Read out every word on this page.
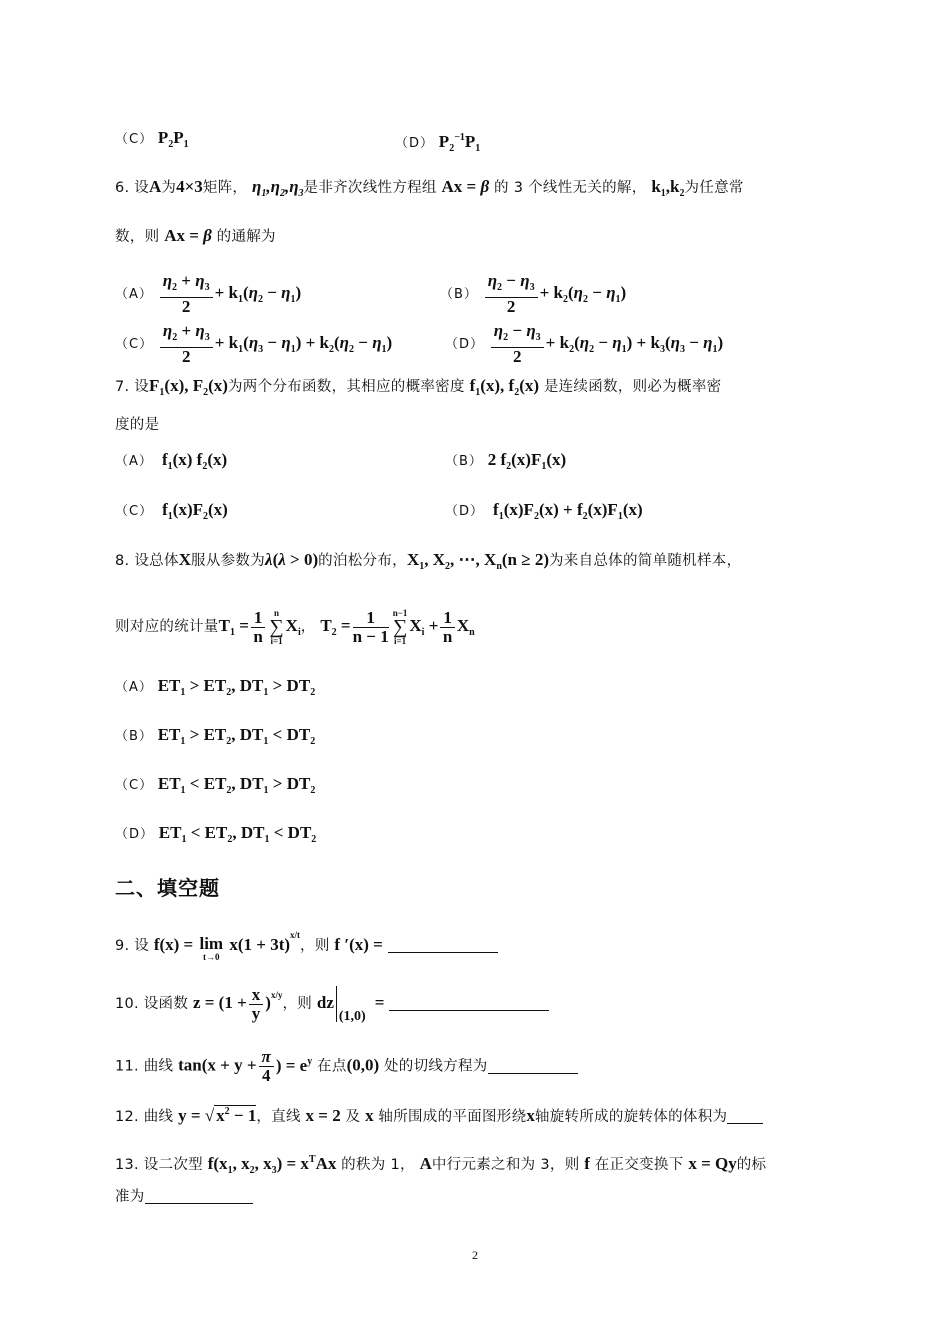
（C） $P_2P_1$	（D） $P_2^{-1}P_1$
6. 设A为4×3矩阵， $\eta_1,\eta_2,\eta_3$是非齐次线性方程组 Ax = β 的 3 个线性无关的解， $k_1,k_2$为任意常
数，则 Ax = β 的通解为
$(A) \frac{\eta_2 + \eta_3}{2} + k_1(\eta_2 - \eta_1)$	$(B) \frac{\eta_2 - \eta_3}{2} + k_2(\eta_2 - \eta_1)$
$(C) \frac{\eta_2 + \eta_3}{2} + k_1(\eta_3 - \eta_1) + k_2(\eta_2 - \eta_1)$	$(D) \frac{\eta_2 - \eta_3}{2} + k_2(\eta_2 - \eta_1) + k_3(\eta_3 - \eta_1)$
7. 设$F_1(x)$, $F_2(x)$为两个分布函数，其相应的概率密度 $f_1(x)$, $f_2(x)$ 是连续函数，则必为概率密
度的是
（A）  $f_1(x)$ $f_2(x)$	（B） 2 $f_2(x)F_1(x)$
（C）  $f_1(x)F_2(x)$	（D）  $f_1(x)F_2(x) + f_2(x)F_1(x)$
8. 设总体X服从参数为λ(λ > 0)的泊松分布，$X_1$, $X_2$, ⋯, $X_n(n \ge 2)$为来自总体的简单随机样本，
则对应的统计量$T_1 = \frac{1}{n}$ n
∑
i=1
$X_i$， $T_2 = \frac{1}{n - 1} n-1$
∑
i=1
$X_i + \frac{1}{n} X_n$
（A） $ET_1 > ET_2$, $DT_1 > DT_2$
（B） $ET_1 > ET_2$, $DT_1 < DT_2$
（C） $ET_1 < ET_2$, $DT_1 > DT_2$
（D） $ET_1 < ET_2$, $DT_1 < DT_2$
二、填空题
9. 设 f(x) = lim
t→0
$x(1 + 3t)^{x/t}$，则 f ′(x) =
10. 设函数 $z = (1 + \frac{x}{y} )^{x/y}$，则 dz(1,0)  =
11. 曲线 $\tan(x + y + \frac{\pi}{4}$ ) = $e^y$ 在点(0,0) 处的切线方程为
12. 曲线 y = √ $x^2 - 1$，直线 x = 2 及 x 轴所围成的平面图形绕x轴旋转所成的旋转体的体积为
13. 设二次型 $f(x_1$, $x_2$, $x_3) = x^TAx$ 的秩为 1， A中行元素之和为 3，则 f 在正交变换下 x = Qy的标
准为
2
